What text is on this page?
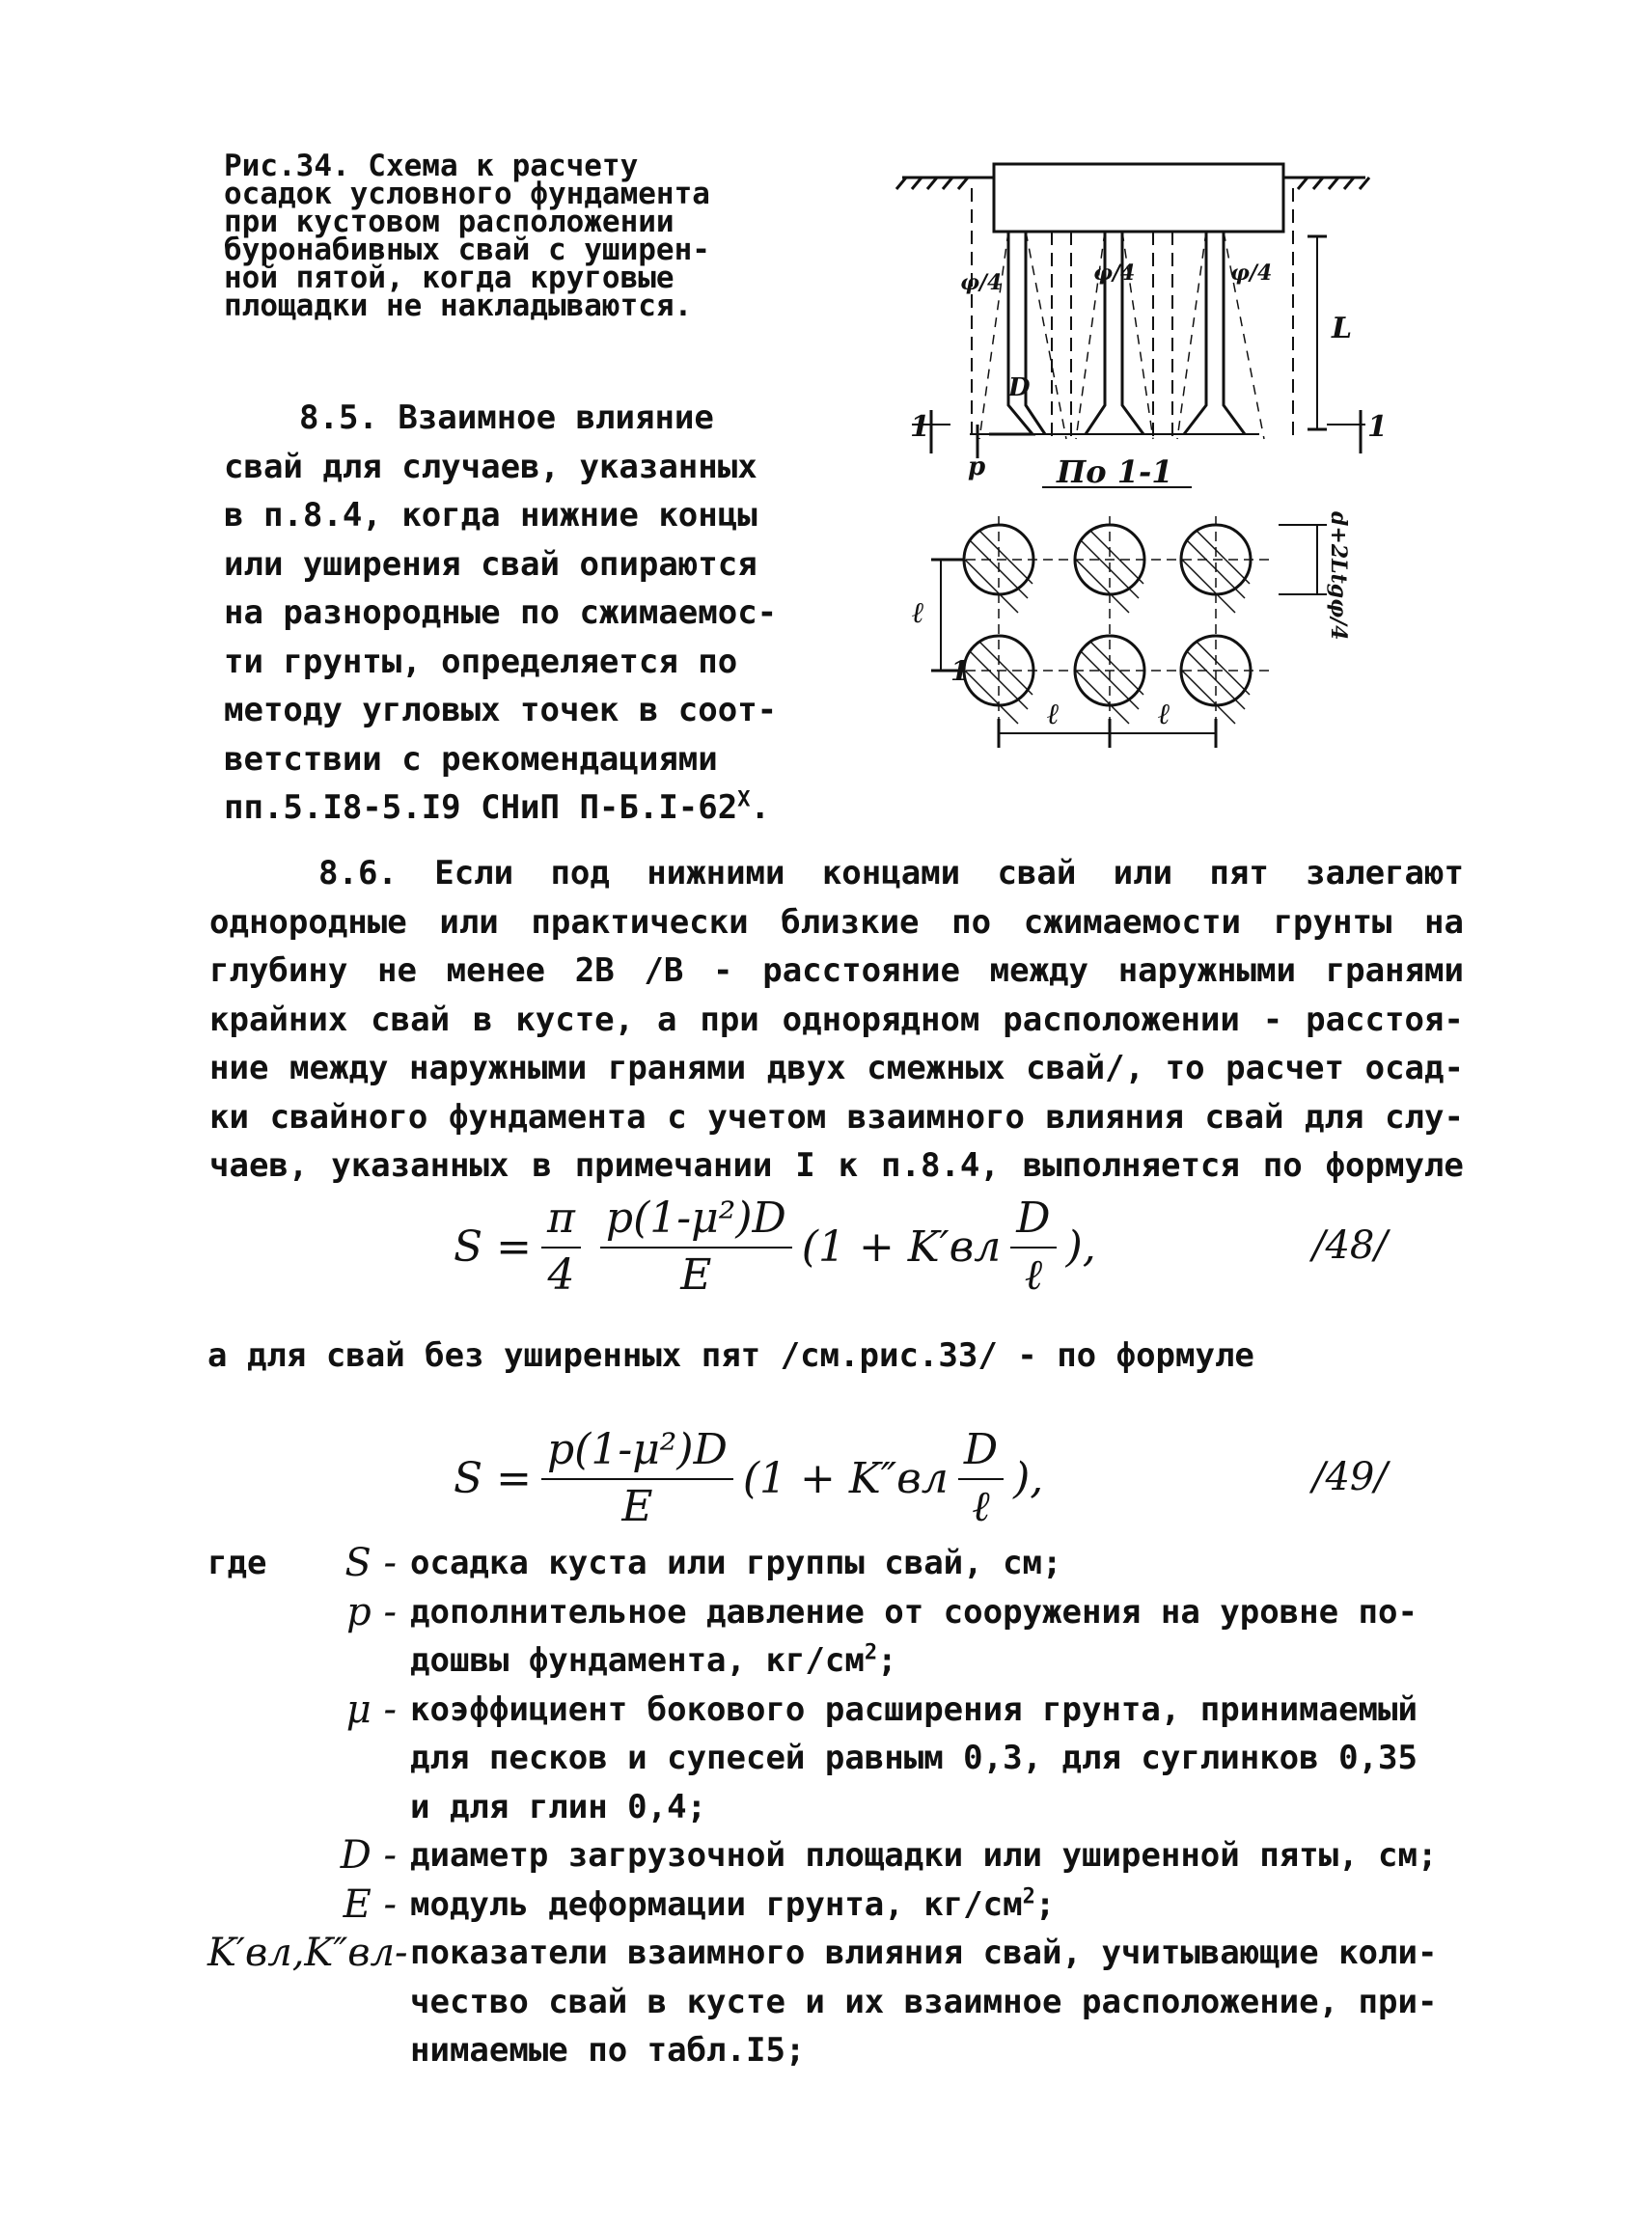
Рис.34. Схема к расчету
осадок условного фундамента
при кустовом расположении
буронабивных свай с уширен-
ной пятой, когда круговые
площадки не накладываются.
1	1
По 1-1
p
L
D
φ/4	φ/4	φ/4
d+2Ltgφ/4
ℓ	ℓ
ℓ
1
8.5. Взаимное влияние
свай для случаев, указанных
в п.8.4, когда нижние концы
или уширения свай опираются
на разнородные по сжимаемос-
ти грунты, определяется по
методу угловых точек в соот-
ветствии с рекомендациями
пп.5.I8-5.I9 СНиП $П-Б.I-62^Х$.
8.6. Если под нижними концами свай или пят залегают
однородные или практически близкие по сжимаемости грунты на
глубину не менее 2В /В - расстояние между наружными гранями
крайних свай в кусте, а при однорядном расположении - расстоя-
ние между наружными гранями двух смежных свай/, то расчет осад-
ки свайного фундамента с учетом взаимного влияния свай для слу-
чаев, указанных в примечании I к п.8.4, выполняется по формуле
$S = \frac{\pi}{4} \frac{\text{p(1-μ²)D}}{E} (1 + K'вл \frac{D}{\text{ℓ}}$ ),	/48/
а для свай без уширенных пят /см.рис.33/ - по формуле
$S = \frac{\text{p(1-μ²)D}}{E} (1 + K''вл \frac{D}{\text{ℓ}}$ ),	/49/
где	S - осадка куста или группы свай, см;
p - дополнительное давление от сооружения на уровне по-
дошвы фундамента, $кг/см^2$;
μ - коэффициент бокового расширения грунта, принимаемый
для песков и супесей равным 0,3, для суглинков 0,35
и для глин 0,4;
D - диаметр загрузочной площадки или уширенной пяты, см;
E - модуль деформации грунта, $кг/см^2$;
K′вл,K″вл- показатели взаимного влияния свай, учитывающие коли-
чество свай в кусте и их взаимное расположение, при-
нимаемые по табл.I5;
